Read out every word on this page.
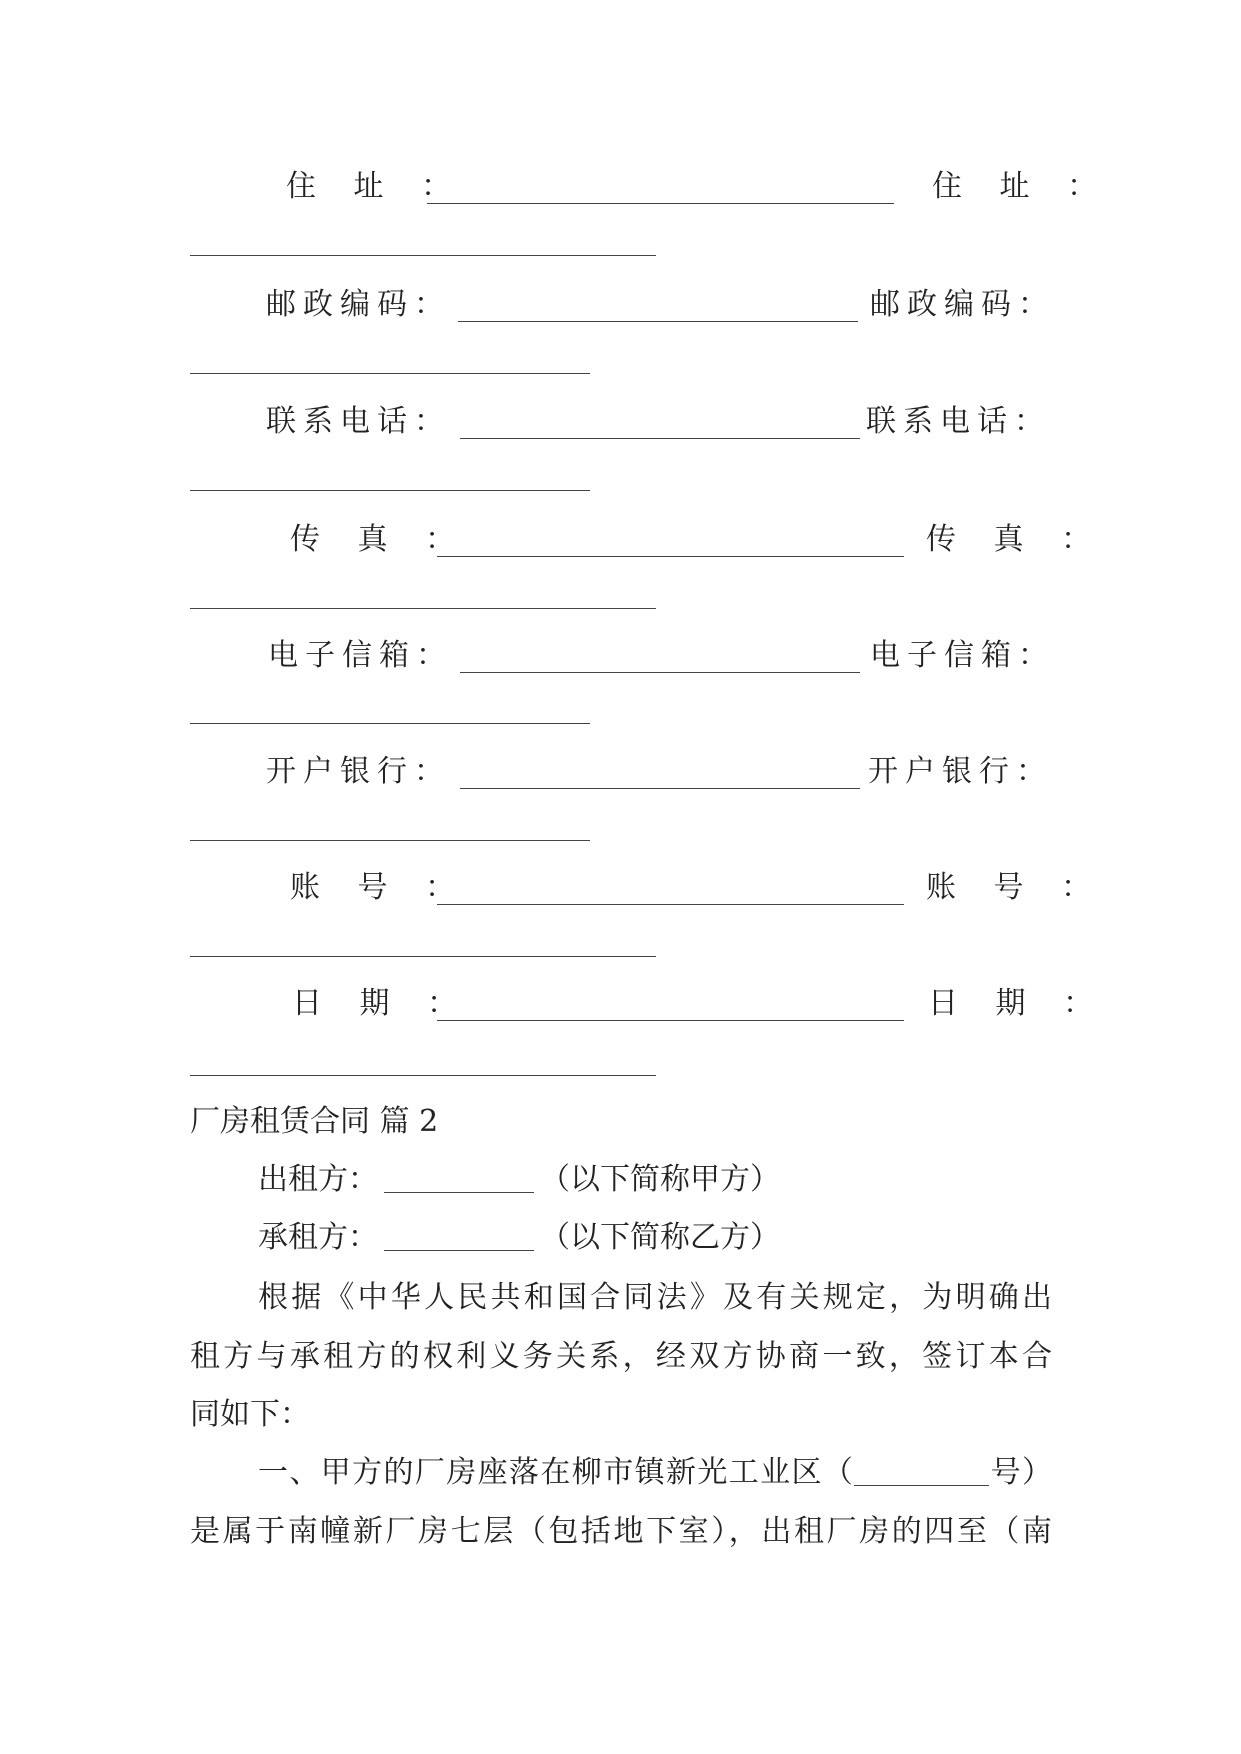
住 址 ：	住 址 ：
邮政编码：	邮政编码：
联系电话：	联系电话：
传 真 ：	传 真 ：
电子信箱：	电子信箱：
开户银行：	开户银行：
账 号 ：	账 号 ：
日 期 ：	日 期 ：
厂房租赁合同 篇 2
出租方：	（以下简称甲方）
承租方：	（以下简称乙方）
根据《中华人民共和国合同法》及有关规定，为明确出
租方与承租方的权利义务关系，经双方协商一致，签订本合
同如下：
一、甲方的厂房座落在柳市镇新光工业区（	号）
是属于南幢新厂房七层（包括地下室），出租厂房的四至（南
